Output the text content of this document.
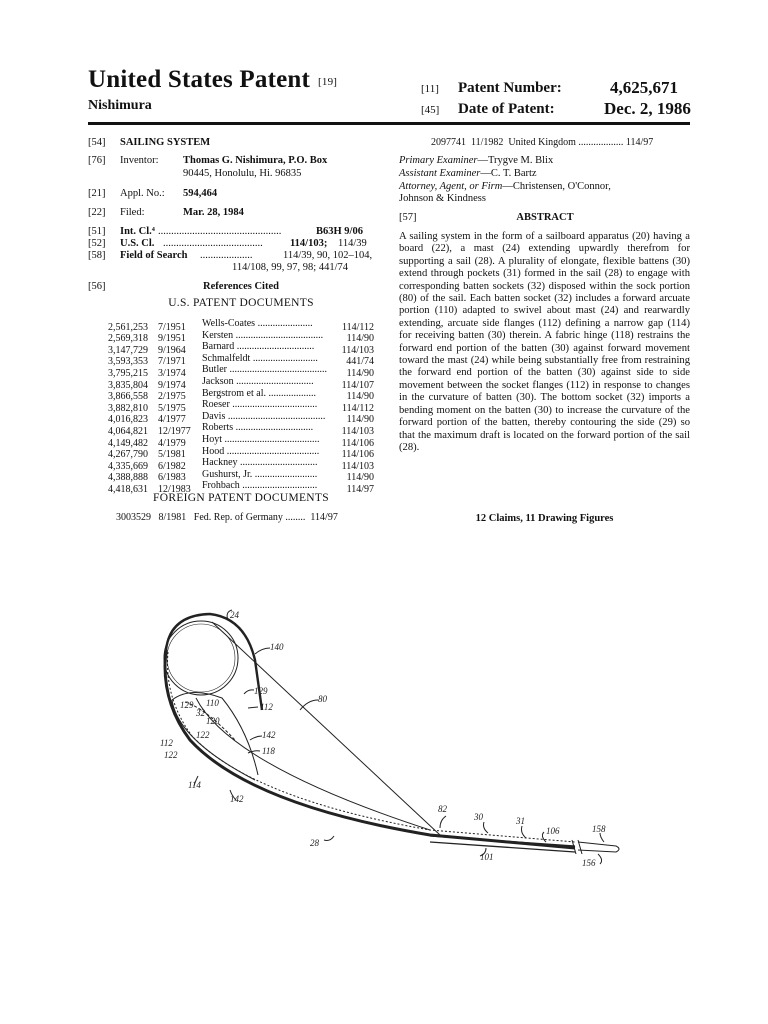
United States Patent [19]
Nishimura
[11] Patent Number:	4,625,671
[45] Date of Patent:	Dec. 2, 1986
[54] SAILING SYSTEM
[76] Inventor: Thomas G. Nishimura, P.O. Box
90445, Honolulu, Hi. 96835
[21] Appl. No.: 594,464
[22] Filed:	Mar. 28, 1984
[51] Int. Cl.⁴ ...............................................	B63H 9/06
[52] U.S. Cl. ......................................	114/103; 114/39
[58] Field of Search ....................	114/39, 90, 102–104,
114/108, 99, 97, 98; 441/74
[56]	References Cited
U.S. PATENT DOCUMENTS
2,561,253 7/1951 Wells-Coates ......................	114/112
2,569,318 9/1951 Kersten ................................... 114/90
3,147,729 9/1964 Barnard ...............................	114/103
3,593,353 7/1971 Schmalfeldt ..........................	441/74
3,795,215 3/1974 Butler ....................................... 114/90
3,835,804 9/1974 Jackson ...............................	114/107
3,866,558 2/1975 Bergstrom et al. ...................	114/90
3,882,810 5/1975 Roeser .................................. 114/112
4,016,823 4/1977 Davis ....................................... 114/90
4,064,821 12/1977 Roberts ...............................	114/103
4,149,482 4/1979 Hoyt ...................................... 114/106
4,267,790 5/1981 Hood ..................................... 114/106
4,335,669 6/1982 Hackney ............................... 114/103
4,388,888 6/1983 Gushurst, Jr. .........................	114/90
4,418,631 12/1983 Frohbach ..............................	114/97
FOREIGN PATENT DOCUMENTS
3003529   8/1981   Fed. Rep. of Germany ........  114/97
2097741  11/1982  United Kingdom .................. 114/97
Primary Examiner—Trygve M. Blix
Assistant Examiner—C. T. Bartz
Attorney, Agent, or Firm—Christensen, O'Connor,
Johnson & Kindness
[57]	ABSTRACT
A sailing system in the form of a sailboard apparatus (20) having a board (22), a mast (24) extending upwardly therefrom for supporting a sail (28). A plurality of elongate, flexible battens (30) extend through pockets (31) formed in the sail (28) to engage with corresponding batten sockets (32) disposed within the sock portion (80) of the sail. Each batten socket (32) includes a forward arcuate portion (110) adapted to swivel about mast (24) and rearwardly extending, arcuate side flanges (112) defining a narrow gap (114) for receiving batten (30) therein. A fabric hinge (118) restrains the forward end portion of the batten (30) against forward movement toward the mast (24) while being substantially free from restraining the forward end portion of the batten (30) against side to side movement between the socket flanges (112) in response to changes in the curvature of batten (30). The bottom socket (32) imports a bending moment on the batten (30) to increase the curvature of the forward portion of the batten, thereby contouring the side (29) so that the maximum draft is located on the forward portion of the sail (28).
12 Claims, 11 Drawing Figures
24
140
129
80
129 110	112
32
120
142
118
112
122
122
114
142
82
30	31
106	158
28
101
156
